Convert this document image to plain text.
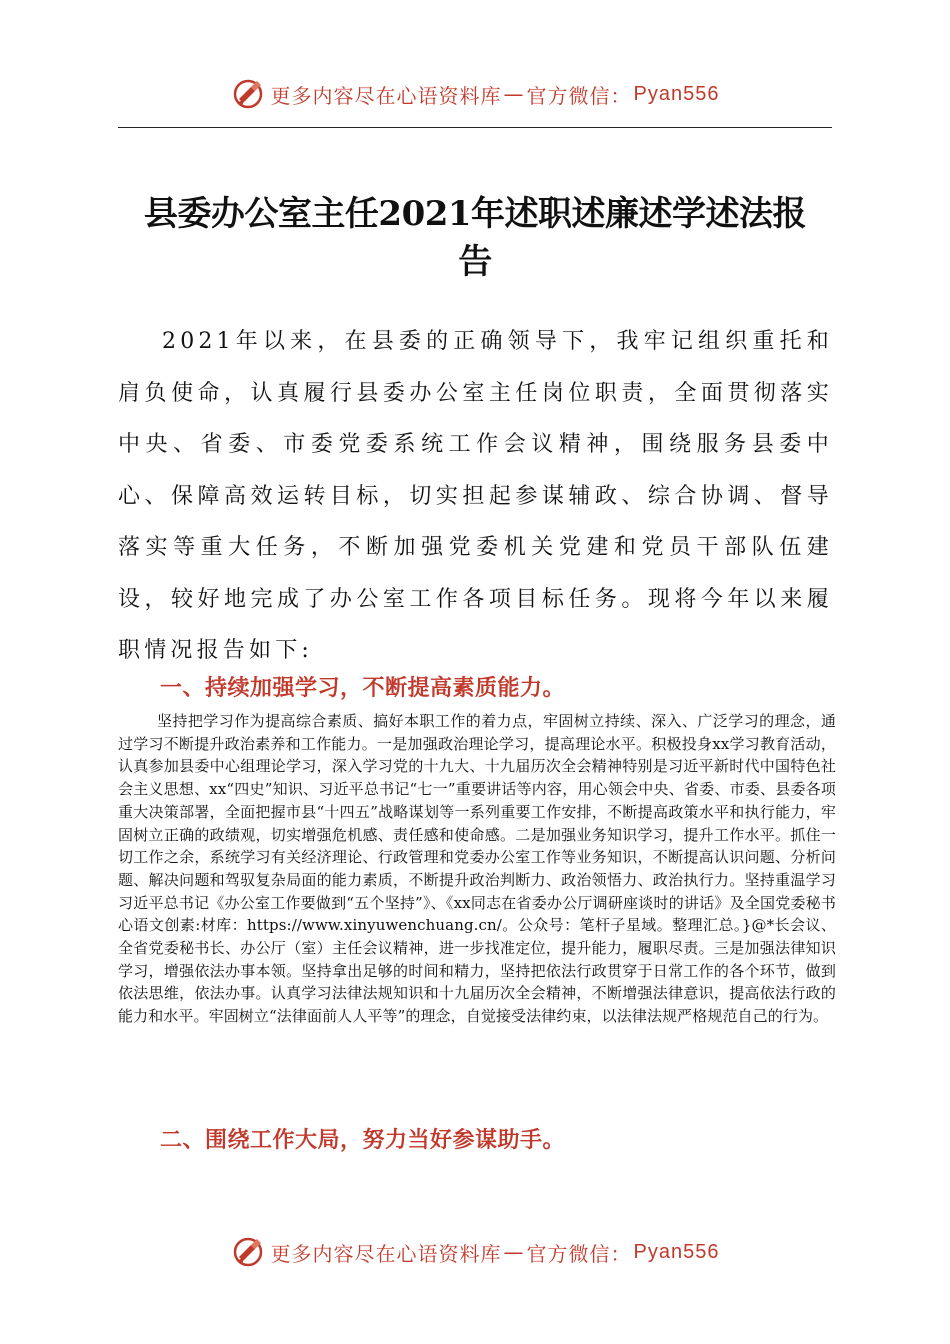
更多内容尽在心语资料库 — 官方微信： Pyan556
县委办公室主任2021年述职述廉述学述法报告

2021年以来，在县委的正确领导下，我牢记组织重托和肩负使命，认真履行县委办公室主任岗位职责，全面贯彻落实中央、省委、市委党委系统工作会议精神，围绕服务县委中心、保障高效运转目标，切实担起参谋辅政、综合协调、督导落实等重大任务，不断加强党委机关党建和党员干部队伍建设，较好地完成了办公室工作各项目标任务。现将今年以来履职情况报告如下:

一、持续加强学习，不断提高素质能力。

坚持把学习作为提高综合素质、搞好本职工作的着力点，牢固树立持续、深入、广泛学习的理念，通过学习不断提升政治素养和工作能力。一是加强政治理论学习，提高理论水平。积极投身xx学习教育活动，认真参加县委中心组理论学习，深入学习党的十九大、十九届历次全会精神特别是习近平新时代中国特色社会主义思想、xx“四史”知识、习近平总书记“七一”重要讲话等内容，用心领会中央、省委、市委、县委各项重大决策部署，全面把握市县“十四五”战略谋划等一系列重要工作安排，不断提高政策水平和执行能力，牢固树立正确的政绩观，切实增强危机感、责任感和使命感。二是加强业务知识学习，提升工作水平。抓住一切工作之余，系统学习有关经济理论、行政管理和党委办公室工作等业务知识，不断提高认识问题、分析问题、解决问题和驾驭复杂局面的能力素质，不断提升政治判断力、政治领悟力、政治执行力。坚持重温学习习近平总书记《办公室工作要做到“五个坚持”》、《xx同志在省委办公厅调研座谈时的讲话》及全国党委秘书心语文创素:材库：https://www.xinyuwenchuang.cn/。公众号：笔杆子星域。整理汇总。}@*长会议、全省党委秘书长、办公厅（室）主任会议精神，进一步找准定位，提升能力，履职尽责。三是加强法律知识学习，增强依法办事本领。坚持拿出足够的时间和精力，坚持把依法行政贯穿于日常工作的各个环节，做到依法思维，依法办事。认真学习法律法规知识和十九届历次全会精神，不断增强法律意识，提高依法行政的能力和水平。牢固树立“法律面前人人平等”的理念，自觉接受法律约束，以法律法规严格规范自己的行为。

二、围绕工作大局，努力当好参谋助手。
更多内容尽在心语资料库 — 官方微信： Pyan556
